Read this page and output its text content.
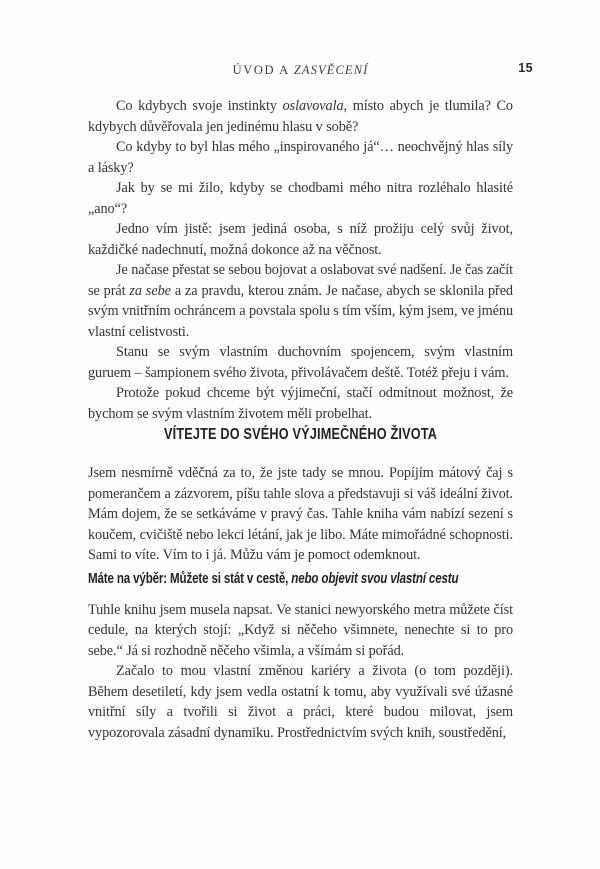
ÚVOD A ZASVĚCENÍ	15

Co kdybych svoje instinkty oslavovala, místo abych je tlumila? Co kdybych důvěřovala jen jedinému hlasu v sobě?

Co kdyby to byl hlas mého „inspirovaného já“… neochvějný hlas síly a lásky?

Jak by se mi žilo, kdyby se chodbami mého nitra rozléhalo hlasité „ano“?

Jedno vím jistě: jsem jediná osoba, s níž prožiju celý svůj život, každičké nadechnutí, možná dokonce až na věčnost.

Je načase přestat se sebou bojovat a oslabovat své nadšení. Je čas začít se prát za sebe a za pravdu, kterou znám. Je načase, abych se sklonila před svým vnitřním ochráncem a povstala spolu s tím vším, kým jsem, ve jménu vlastní celistvosti.

Stanu se svým vlastním duchovním spojencem, svým vlastním guruem – šampionem svého života, přivolávačem deště. Totéž přeju i vám.

Protože pokud chceme být výjimeční, stačí odmítnout možnost, že bychom se svým vlastním životem měli probelhat.

VÍTEJTE DO SVÉHO VÝJIMEČNÉHO ŽIVOTA

Jsem nesmírně vděčná za to, že jste tady se mnou. Popíjím mátový čaj s pomerančem a zázvorem, píšu tahle slova a představuji si váš ideální život. Mám dojem, že se setkáváme v pravý čas. Tahle kniha vám nabízí sezení s koučem, cvičiště nebo lekci létání, jak je libo. Máte mimořádné schopnosti. Sami to víte. Vím to i já. Můžu vám je pomoct odemknout.

Máte na výběr: Můžete si stát v cestě, nebo objevit svou vlastní cestu

Tuhle knihu jsem musela napsat. Ve stanici newyorského metra můžete číst cedule, na kterých stojí: „Když si něčeho všimnete, nenechte si to pro sebe.“ Já si rozhodně něčeho všimla, a všímám si pořád.

Začalo to mou vlastní změnou kariéry a života (o tom později). Během desetiletí, kdy jsem vedla ostatní k tomu, aby využívali své úžasné vnitřní síly a tvořili si život a práci, které budou milovat, jsem vypozorovala zásadní dynamiku. Prostřednictvím svých knih, soustředění,
